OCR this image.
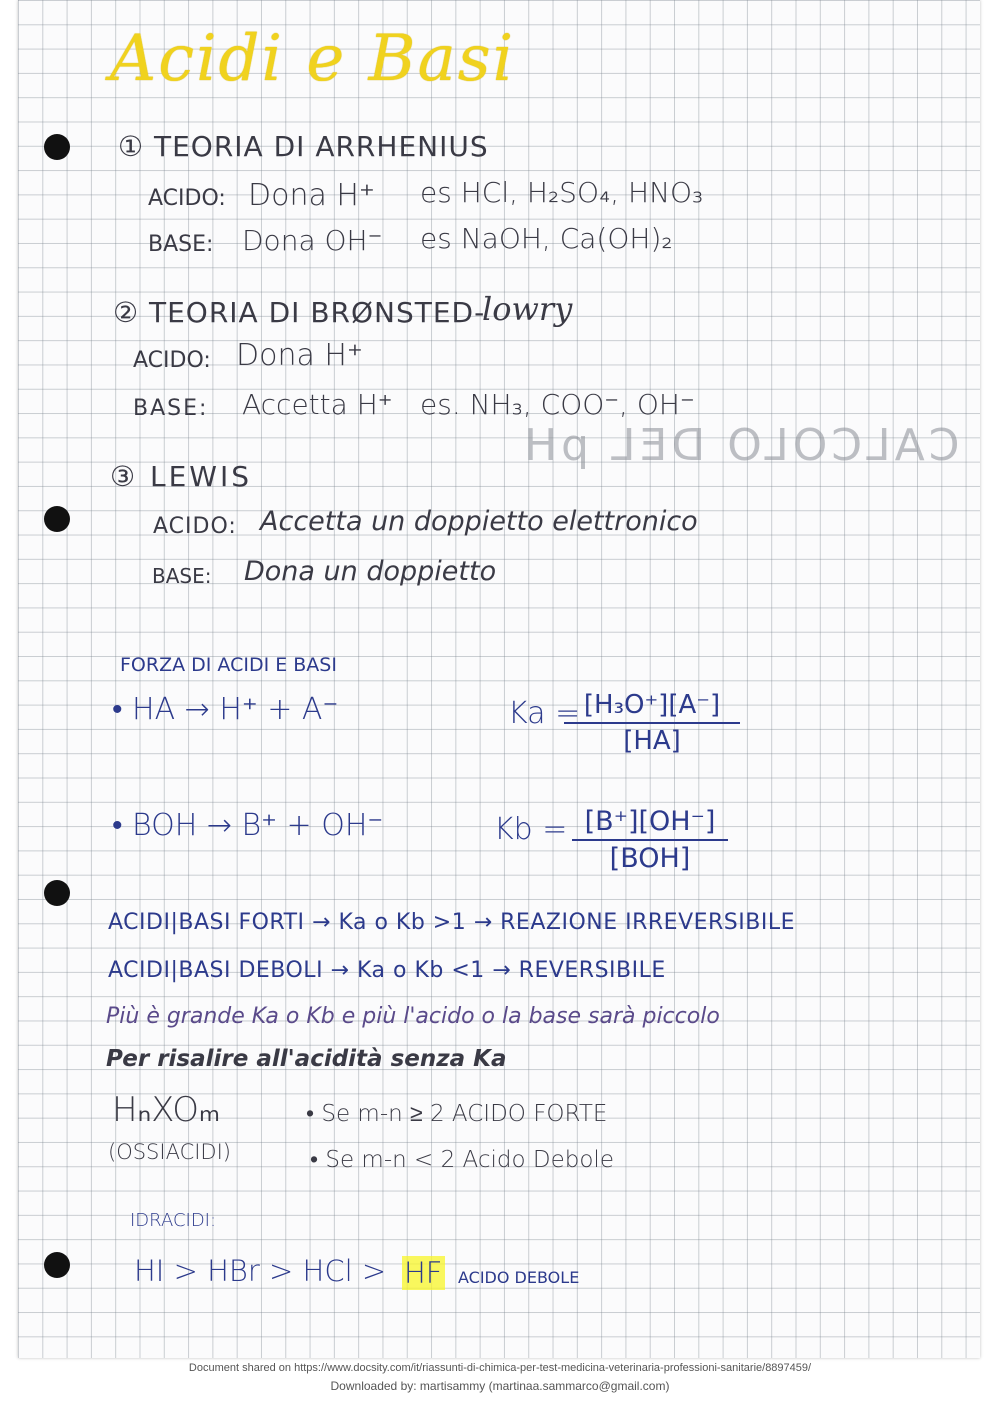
CALCOLO DEL pH
Acidi e Basi
① TEORIA DI ARRHENIUS
ACIDO: Dona H⁺ es HCl, H₂SO₄, HNO₃
BASE: Dona OH⁻ es NaOH, Ca(OH)₂
② TEORIA DI BRØNSTED-
lowry
ACIDO: Dona H⁺
BASE: Accetta H⁺ es. NH₃, COO⁻, OH⁻
③ LEWIS
ACIDO: Accetta un doppietto elettronico
BASE: Dona un doppietto
FORZA DI ACIDI E BASI
• HA → H⁺ + A⁻	Ka =
$\frac{\text{[H₃O⁺][A⁻]}}{[HA]}$
• BOH → B⁺ + OH⁻	Kb = [B⁺][OH⁻]
[BOH]
ACIDI|BASI FORTI → Ka o Kb >1 → REAZIONE IRREVERSIBILE
ACIDI|BASI DEBOLI → Ka o Kb <1 → REVERSIBILE
Più è grande Ka o Kb e più l'acido o la base sarà piccolo
Per risalire all'acidità senza Ka
HₙXOₘ
(OSSIACIDI)
• Se m-n ≥ 2 ACIDO FORTE
• Se m-n < 2 Acido Debole
IDRACIDI:
HI > HBr > HCl > HF ACIDO DEBOLE
Document shared on https://www.docsity.com/it/riassunti-di-chimica-per-test-medicina-veterinaria-professioni-sanitarie/8897459/
Downloaded by: martisammy (martinaa.sammarco@gmail.com)
